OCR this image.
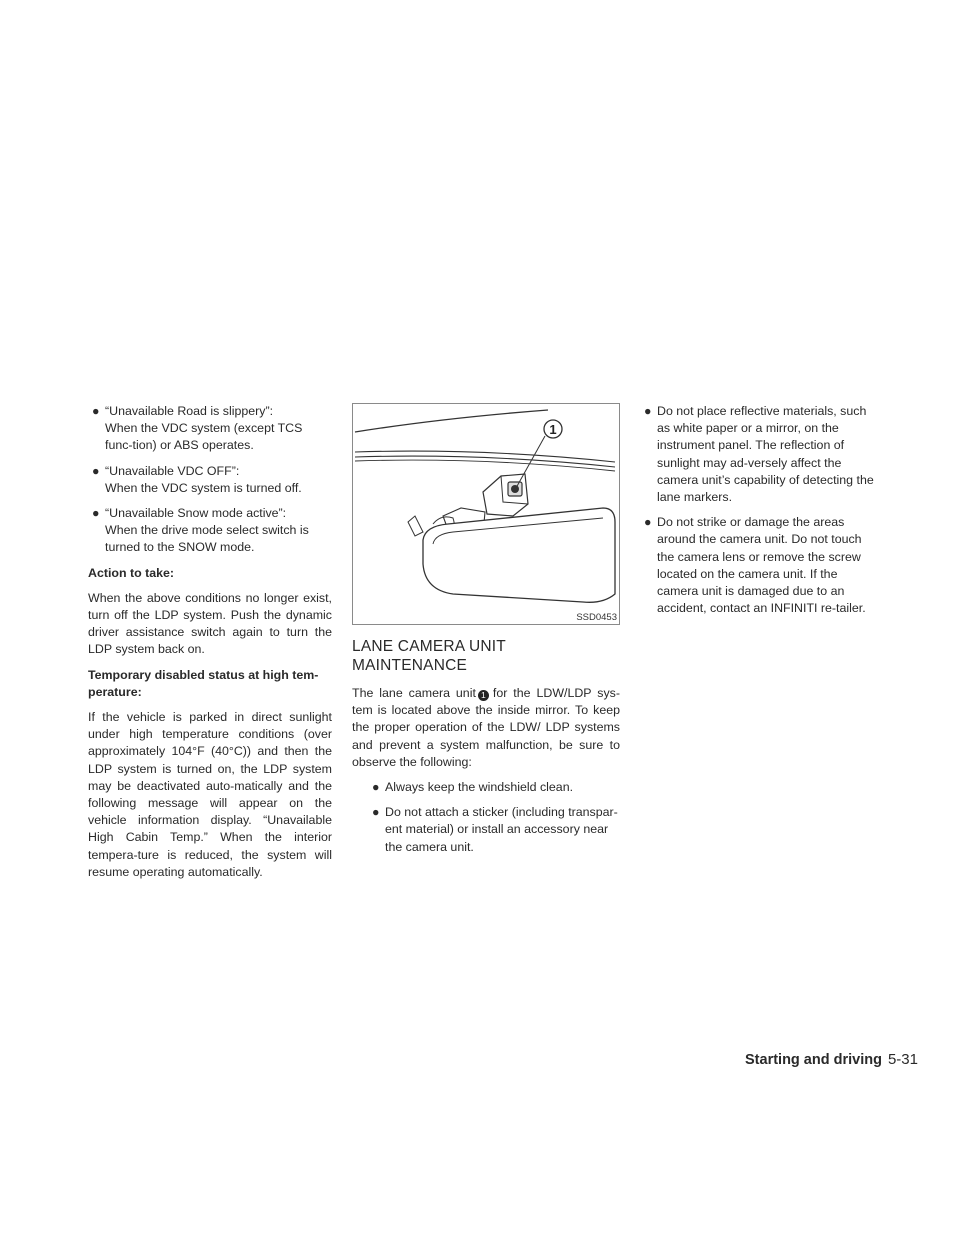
● “Unavailable Road is slippery”:
When the VDC system (except TCS func-tion) or ABS operates.
● “Unavailable VDC OFF”:
When the VDC system is turned off.
● “Unavailable Snow mode active”:
When the drive mode select switch is turned to the SNOW mode.
Action to take:

When the above conditions no longer exist, turn off the LDP system. Push the dynamic driver assistance switch again to turn the LDP system back on.

Temporary disabled status at high tem-perature:

If the vehicle is parked in direct sunlight under high temperature conditions (over approximately 104°F (40°C)) and then the LDP system is turned on, the LDP system may be deactivated auto-matically and the following message will appear on the vehicle information display. “Unavailable High Cabin Temp.” When the interior tempera-ture is reduced, the system will resume operating automatically.

1
SSD0453
LANE CAMERA UNIT
MAINTENANCE

The lane camera unit 1 for the LDW/LDP sys-tem is located above the inside mirror. To keep the proper operation of the LDW/ LDP systems and prevent a system malfunction, be sure to observe the following:

● Always keep the windshield clean.
● Do not attach a sticker (including transpar-ent material) or install an accessory near the camera unit.
● Do not place reflective materials, such as white paper or a mirror, on the instrument panel. The reflection of sunlight may ad-versely affect the camera unit’s capability of detecting the lane markers.
● Do not strike or damage the areas around the camera unit. Do not touch the camera lens or remove the screw located on the camera unit. If the camera unit is damaged due to an accident, contact an INFINITI re-tailer.
Starting and driving 5-31
